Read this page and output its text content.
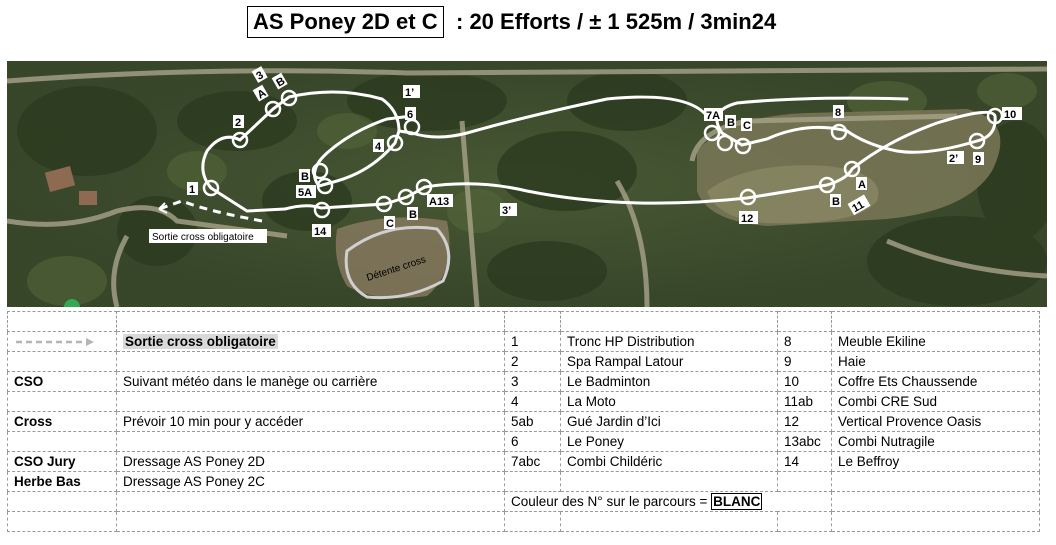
AS Poney 2D et C : 20 Efforts / ± 1 525m / 3min24
Détente cross
Sortie cross obligatoire
1
2
3
A
B
1’
6
4
B
5A
14
C
B
A13
3’
7A
B C
8	10
2’ 9
A
B 11
12

	Sortie cross obligatoire	1	Tronc HP Distribution	8	Meuble Ekiline
		2	Spa Rampal Latour	9	Haie
CSO	Suivant météo dans le manège ou carrière	3	Le Badminton	10	Coffre Ets Chaussende
		4	La Moto	11ab	Combi CRE Sud
Cross	Prévoir 10 min pour y accéder	5ab	Gué Jardin d’Ici	12	Vertical Provence Oasis
		6	Le Poney	13abc	Combi Nutragile
CSO Jury	Dressage AS Poney 2D	7abc	Combi Childéric	14	Le Beffroy
Herbe Bas	Dressage AS Poney 2C				
		Couleur des N° sur le parcours = BLANC			
